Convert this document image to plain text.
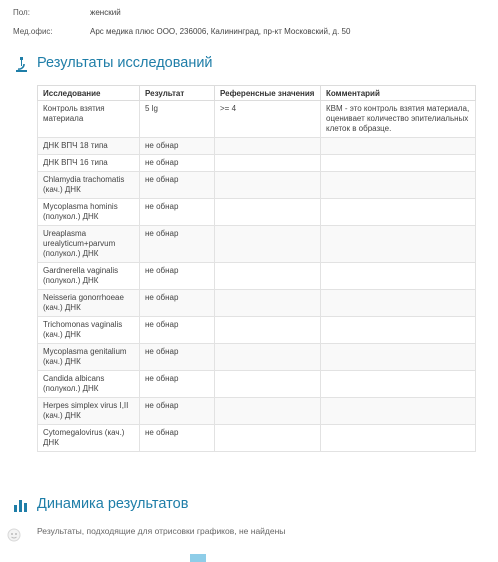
Пол:	женский
Мед.офис:	Арс медика плюс ООО, 236006, Калининград, пр-кт Московский, д. 50
Результаты исследований
Исследование	Результат	Референсные значения	Комментарий
Контроль взятия материала	5 lg	>= 4	КВМ - это контроль взятия материала, оценивает количество эпителиальных клеток в образце.
ДНК ВПЧ 18 типа	не обнар		
ДНК ВПЧ 16 типа	не обнар		
Chlamydia trachomatis (кач.) ДНК	не обнар		
Mycoplasma hominis (полукол.) ДНК	не обнар		
Ureaplasma urealyticum+parvum (полукол.) ДНК	не обнар		
Gardnerella vaginalis (полукол.) ДНК	не обнар		
Neisseria gonorrhoeae (кач.) ДНК	не обнар		
Trichomonas vaginalis (кач.) ДНК	не обнар		
Mycoplasma genitalium (кач.) ДНК	не обнар		
Candida albicans (полукол.) ДНК	не обнар		
Herpes simplex virus I,II (кач.) ДНК	не обнар		
Cytomegalovirus (кач.) ДНК	не обнар		
Динамика результатов
Результаты, подходящие для отрисовки графиков, не найдены
